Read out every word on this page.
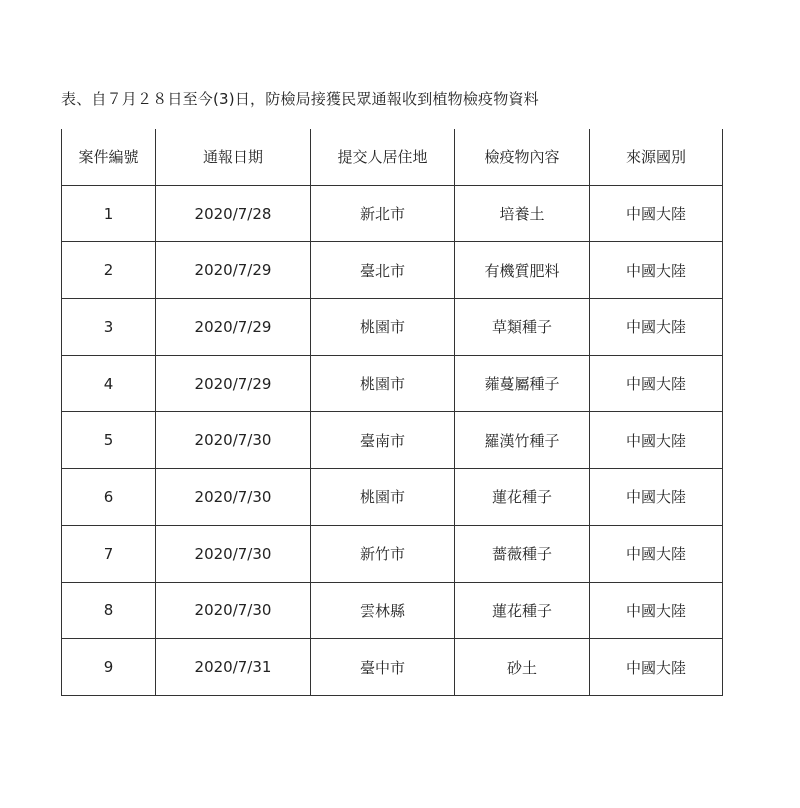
表、自７月２８日至今(3)日，防檢局接獲民眾通報收到植物檢疫物資料
案件編號	通報日期	提交人居住地	檢疫物內容	來源國別
1	2020/7/28	新北市	培養土	中國大陸
2	2020/7/29	臺北市	有機質肥料	中國大陸
3	2020/7/29	桃園市	草類種子	中國大陸
4	2020/7/29	桃園市	蕹蔓屬種子	中國大陸
5	2020/7/30	臺南市	羅漢竹種子	中國大陸
6	2020/7/30	桃園市	蓮花種子	中國大陸
7	2020/7/30	新竹市	薔薇種子	中國大陸
8	2020/7/30	雲林縣	蓮花種子	中國大陸
9	2020/7/31	臺中市	砂土	中國大陸
